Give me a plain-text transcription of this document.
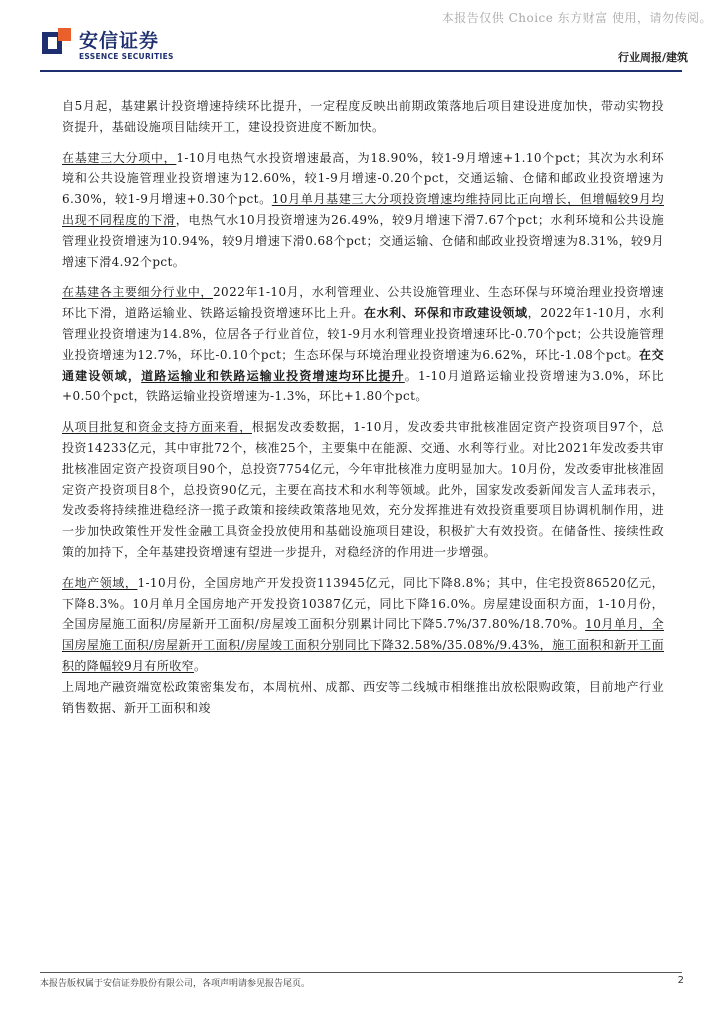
本报告仅供 Choice 东方财富 使用，请勿传阅。
安信证券
ESSENCE SECURITIES	行业周报/建筑

自5月起，基建累计投资增速持续环比提升，一定程度反映出前期政策落地后项目建设进度加快，带动实物投资提升，基础设施项目陆续开工，建设投资进度不断加快。

在基建三大分项中，1-10月电热气水投资增速最高，为18.90%，较1-9月增速+1.10个pct；其次为水利环境和公共设施管理业投资增速为12.60%，较1-9月增速-0.20个pct，交通运输、仓储和邮政业投资增速为6.30%，较1-9月增速+0.30个pct。10月单月基建三大分项投资增速均维持同比正向增长，但增幅较9月均出现不同程度的下滑，电热气水10月投资增速为26.49%，较9月增速下滑7.67个pct；水利环境和公共设施管理业投资增速为10.94%，较9月增速下滑0.68个pct；交通运输、仓储和邮政业投资增速为8.31%，较9月增速下滑4.92个pct。

在基建各主要细分行业中，2022年1-10月，水利管理业、公共设施管理业、生态环保与环境治理业投资增速环比下滑，道路运输业、铁路运输投资增速环比上升。在水利、环保和市政建设领域，2022年1-10月，水利管理业投资增速为14.8%，位居各子行业首位，较1-9月水利管理业投资增速环比-0.70个pct；公共设施管理业投资增速为12.7%，环比-0.10个pct；生态环保与环境治理业投资增速为6.62%，环比-1.08个pct。在交通建设领域，道路运输业和铁路运输业投资增速均环比提升。1-10月道路运输业投资增速为3.0%，环比+0.50个pct，铁路运输业投资增速为-1.3%，环比+1.80个pct。

从项目批复和资金支持方面来看，根据发改委数据，1-10月，发改委共审批核准固定资产投资项目97个，总投资14233亿元，其中审批72个，核准25个，主要集中在能源、交通、水利等行业。对比2021年发改委共审批核准固定资产投资项目90个，总投资7754亿元，今年审批核准力度明显加大。10月份，发改委审批核准固定资产投资项目8个，总投资90亿元，主要在高技术和水利等领域。此外，国家发改委新闻发言人孟玮表示，发改委将持续推进稳经济一揽子政策和接续政策落地见效，充分发挥推进有效投资重要项目协调机制作用，进一步加快政策性开发性金融工具资金投放使用和基础设施项目建设，积极扩大有效投资。在储备性、接续性政策的加持下，全年基建投资增速有望进一步提升，对稳经济的作用进一步增强。

在地产领域，1-10月份，全国房地产开发投资113945亿元，同比下降8.8%；其中，住宅投资86520亿元，下降8.3%。10月单月全国房地产开发投资10387亿元，同比下降16.0%。房屋建设面积方面，1-10月份，全国房屋施工面积/房屋新开工面积/房屋竣工面积分别累计同比下降5.7%/37.80%/18.70%。10月单月，全国房屋施工面积/房屋新开工面积/房屋竣工面积分别同比下降32.58%/35.08%/9.43%，施工面积和新开工面积的降幅较9月有所收窄。

上周地产融资端宽松政策密集发布，本周杭州、成都、西安等二线城市相继推出放松限购政策，目前地产行业销售数据、新开工面积和竣

本报告版权属于安信证券股份有限公司，各项声明请参见报告尾页。	2
